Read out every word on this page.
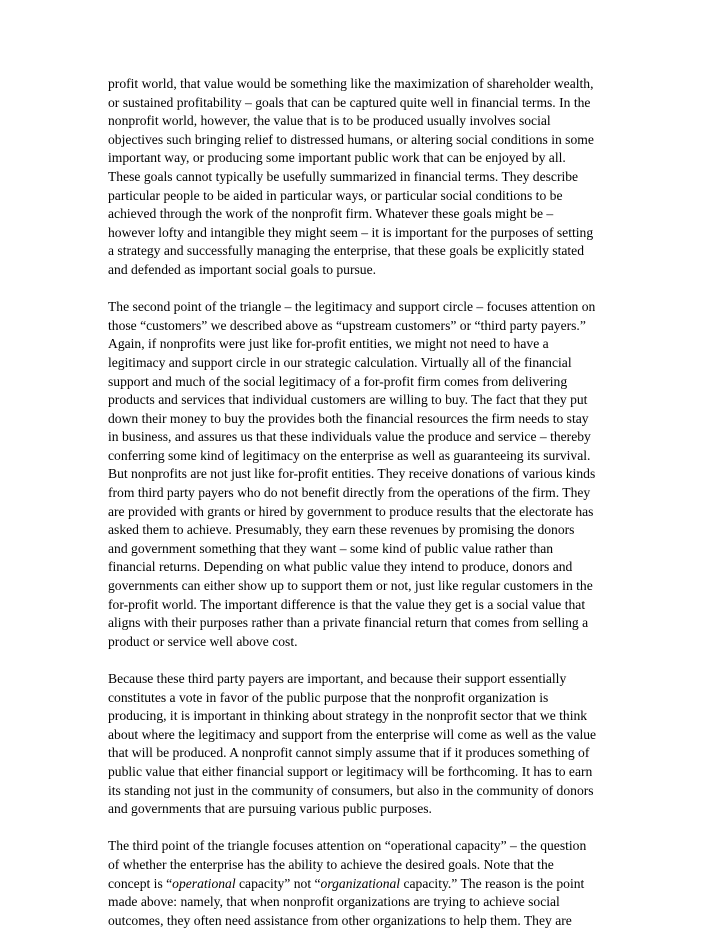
profit world, that value would be something like the maximization of shareholder wealth,
or sustained profitability – goals that can be captured quite well in financial terms. In the
nonprofit world, however, the value that is to be produced usually involves social
objectives such bringing relief to distressed humans, or altering social conditions in some
important way, or producing some important public work that can be enjoyed by all.
These goals cannot typically be usefully summarized in financial terms. They describe
particular people to be aided in particular ways, or particular social conditions to be
achieved through the work of the nonprofit firm. Whatever these goals might be –
however lofty and intangible they might seem – it is important for the purposes of setting
a strategy and successfully managing the enterprise, that these goals be explicitly stated
and defended as important social goals to pursue.

The second point of the triangle – the legitimacy and support circle – focuses attention on
those “customers” we described above as “upstream customers” or “third party payers.”
Again, if nonprofits were just like for-profit entities, we might not need to have a
legitimacy and support circle in our strategic calculation. Virtually all of the financial
support and much of the social legitimacy of a for-profit firm comes from delivering
products and services that individual customers are willing to buy. The fact that they put
down their money to buy the provides both the financial resources the firm needs to stay
in business, and assures us that these individuals value the produce and service – thereby
conferring some kind of legitimacy on the enterprise as well as guaranteeing its survival.
But nonprofits are not just like for-profit entities. They receive donations of various kinds
from third party payers who do not benefit directly from the operations of the firm. They
are provided with grants or hired by government to produce results that the electorate has
asked them to achieve. Presumably, they earn these revenues by promising the donors
and government something that they want – some kind of public value rather than
financial returns. Depending on what public value they intend to produce, donors and
governments can either show up to support them or not, just like regular customers in the
for-profit world. The important difference is that the value they get is a social value that
aligns with their purposes rather than a private financial return that comes from selling a
product or service well above cost.

Because these third party payers are important, and because their support essentially
constitutes a vote in favor of the public purpose that the nonprofit organization is
producing, it is important in thinking about strategy in the nonprofit sector that we think
about where the legitimacy and support from the enterprise will come as well as the value
that will be produced. A nonprofit cannot simply assume that if it produces something of
public value that either financial support or legitimacy will be forthcoming. It has to earn
its standing not just in the community of consumers, but also in the community of donors
and governments that are pursuing various public purposes.

The third point of the triangle focuses attention on “operational capacity” – the question
of whether the enterprise has the ability to achieve the desired goals. Note that the
concept is “operational capacity” not “organizational capacity.” The reason is the point
made above: namely, that when nonprofit organizations are trying to achieve social
outcomes, they often need assistance from other organizations to help them. They are
